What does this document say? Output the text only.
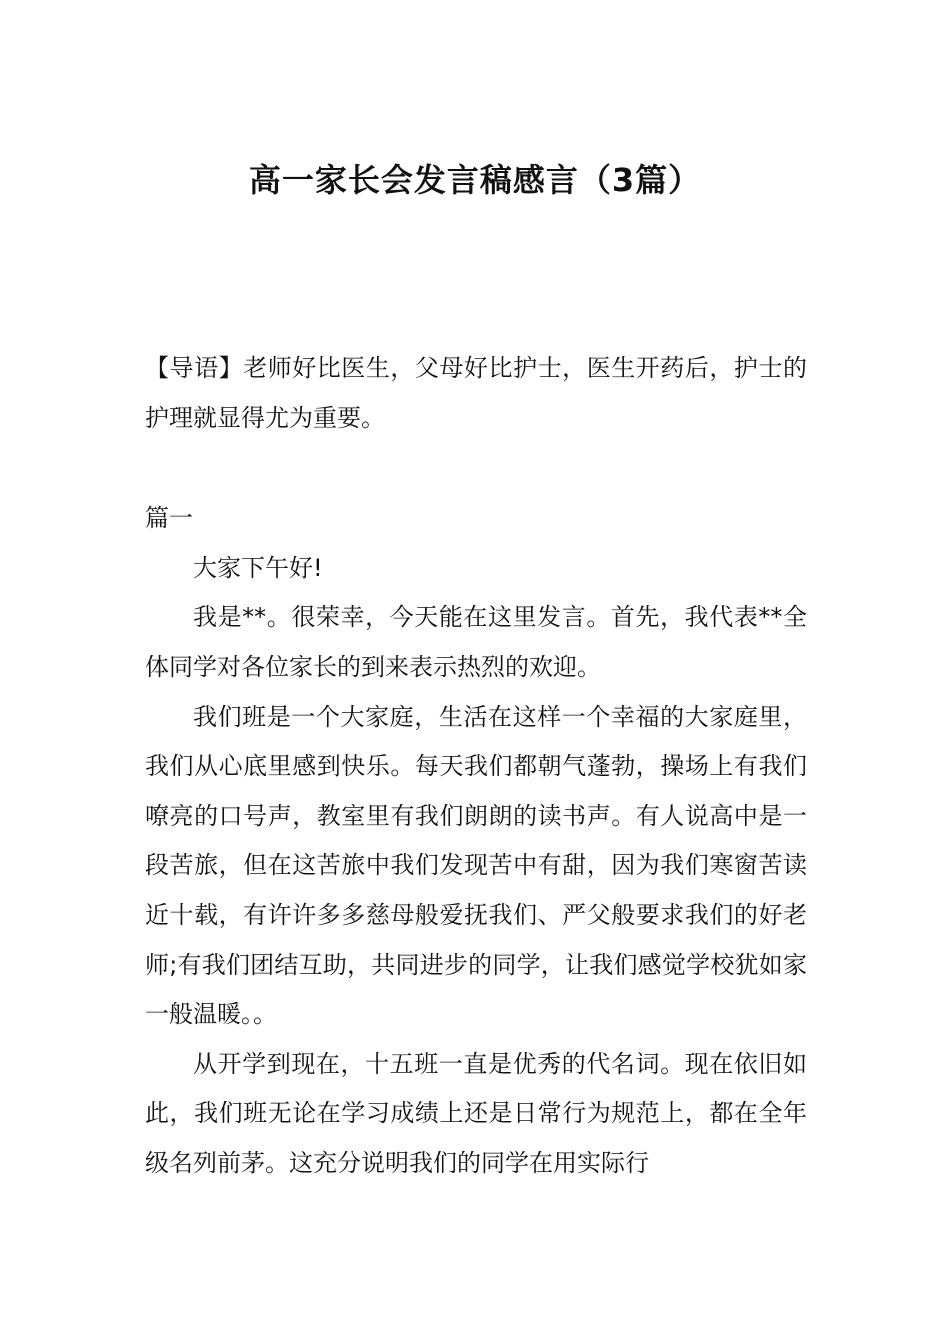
高一家长会发言稿感言（3篇）

【导语】老师好比医生，父母好比护士，医生开药后，护士的护理就显得尤为重要。

篇一

大家下午好!

我是**。很荣幸，今天能在这里发言。首先，我代表**全体同学对各位家长的到来表示热烈的欢迎。

我们班是一个大家庭，生活在这样一个幸福的大家庭里，我们从心底里感到快乐。每天我们都朝气蓬勃，操场上有我们嘹亮的口号声，教室里有我们朗朗的读书声。有人说高中是一段苦旅，但在这苦旅中我们发现苦中有甜，因为我们寒窗苦读近十载，有许许多多慈母般爱抚我们、严父般要求我们的好老师;有我们团结互助，共同进步的同学，让我们感觉学校犹如家一般温暖。。

从开学到现在，十五班一直是优秀的代名词。现在依旧如此，我们班无论在学习成绩上还是日常行为规范上，都在全年级名列前茅。这充分说明我们的同学在用实际行
